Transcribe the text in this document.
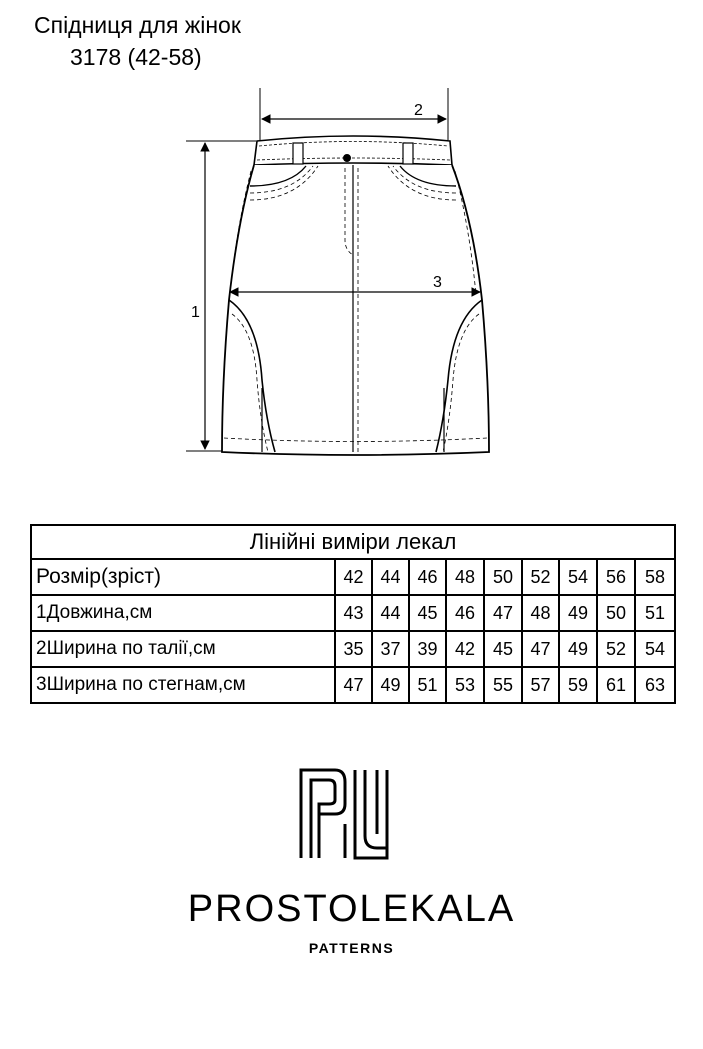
Спідниця для жінок
3178 (42-58)
2
1
3
Лінійні виміри лекал									
Розмір(зріст)	42	44	46	48	50	52	54	56	58
1Довжина,см	43	44	45	46	47	48	49	50	51
2Ширина по талії,см	35	37	39	42	45	47	49	52	54
3Ширина по стегнам,см	47	49	51	53	55	57	59	61	63
PROSTOLEKALA
PATTERNS
